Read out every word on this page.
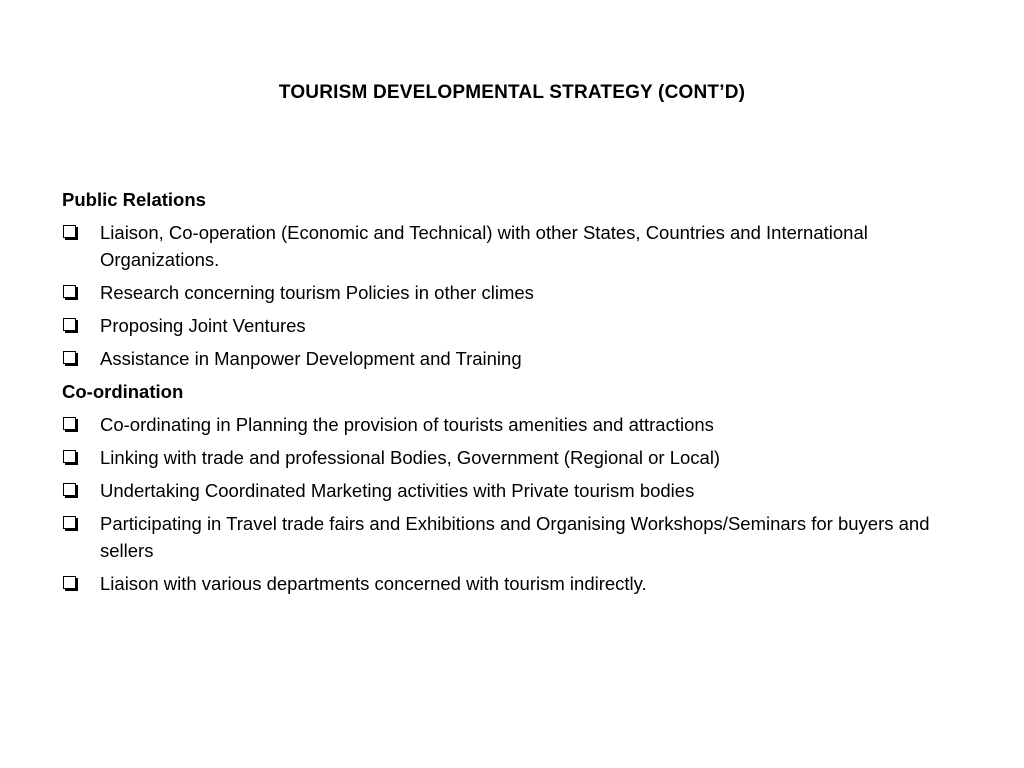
TOURISM DEVELOPMENTAL STRATEGY (CONT’D)
Public Relations
Liaison, Co-operation (Economic and Technical) with other States, Countries and International Organizations.
Research concerning tourism Policies in other climes
Proposing Joint Ventures
Assistance in Manpower Development and Training
Co-ordination
Co-ordinating in Planning the provision of tourists amenities and attractions
Linking with trade and professional Bodies, Government (Regional or Local)
Undertaking Coordinated Marketing activities with Private tourism bodies
Participating in Travel trade fairs and Exhibitions and Organising Workshops/Seminars for buyers and sellers
Liaison with various departments concerned with tourism indirectly.
